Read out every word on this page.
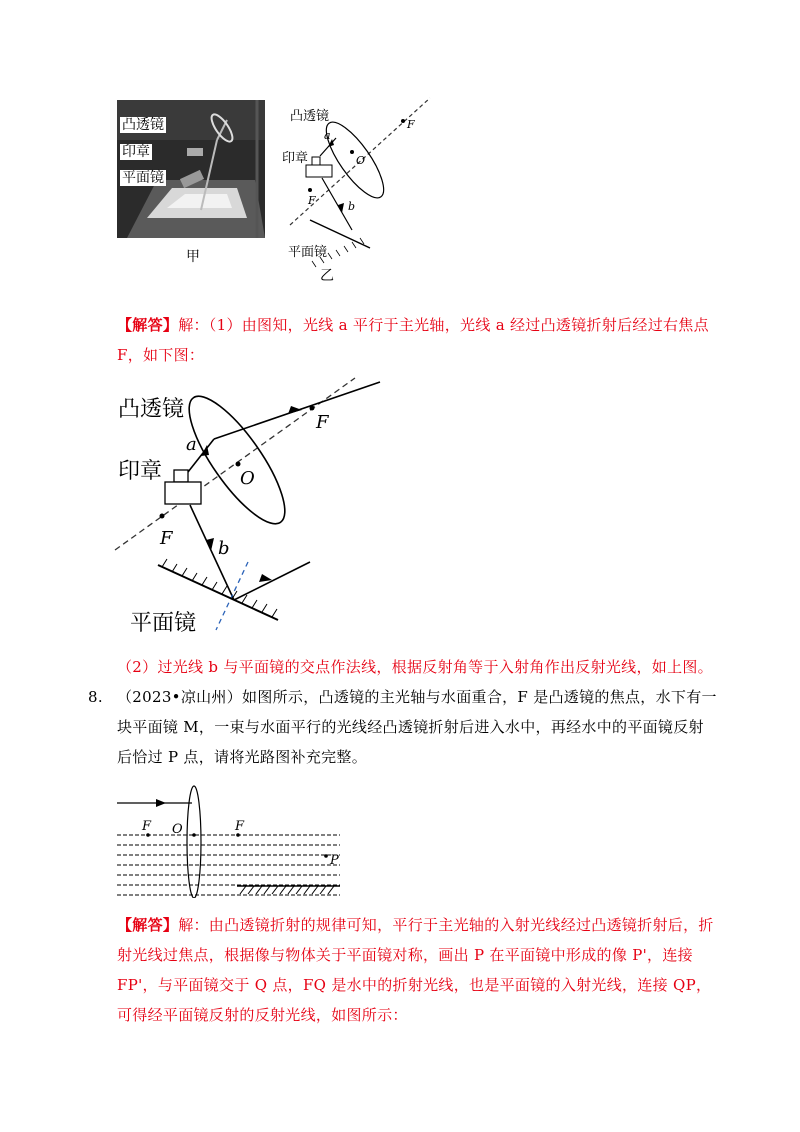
凸透镜
印章
平面镜
甲
凸透镜
印章
平面镜
a
b
F
F
O
乙
【解答】解：（1）由图知，光线 a 平行于主光轴，光线 a 经过凸透镜折射后经过右焦点 F，如下图：
凸透镜
印章
平面镜
a
b
F
F
O
（2）过光线 b 与平面镜的交点作法线，根据反射角等于入射角作出反射光线，如上图。
8. （2023•凉山州）如图所示，凸透镜的主光轴与水面重合，F 是凸透镜的焦点，水下有一块平面镜 M，一束与水面平行的光线经凸透镜折射后进入水中，再经水中的平面镜反射后恰过 P 点，请将光路图补充完整。
F O	F
P
【解答】解：由凸透镜折射的规律可知，平行于主光轴的入射光线经过凸透镜折射后，折射光线过焦点，根据像与物体关于平面镜对称，画出 P 在平面镜中形成的像 P'，连接 FP'，与平面镜交于 Q 点，FQ 是水中的折射光线，也是平面镜的入射光线，连接 QP，可得经平面镜反射的反射光线，如图所示：
